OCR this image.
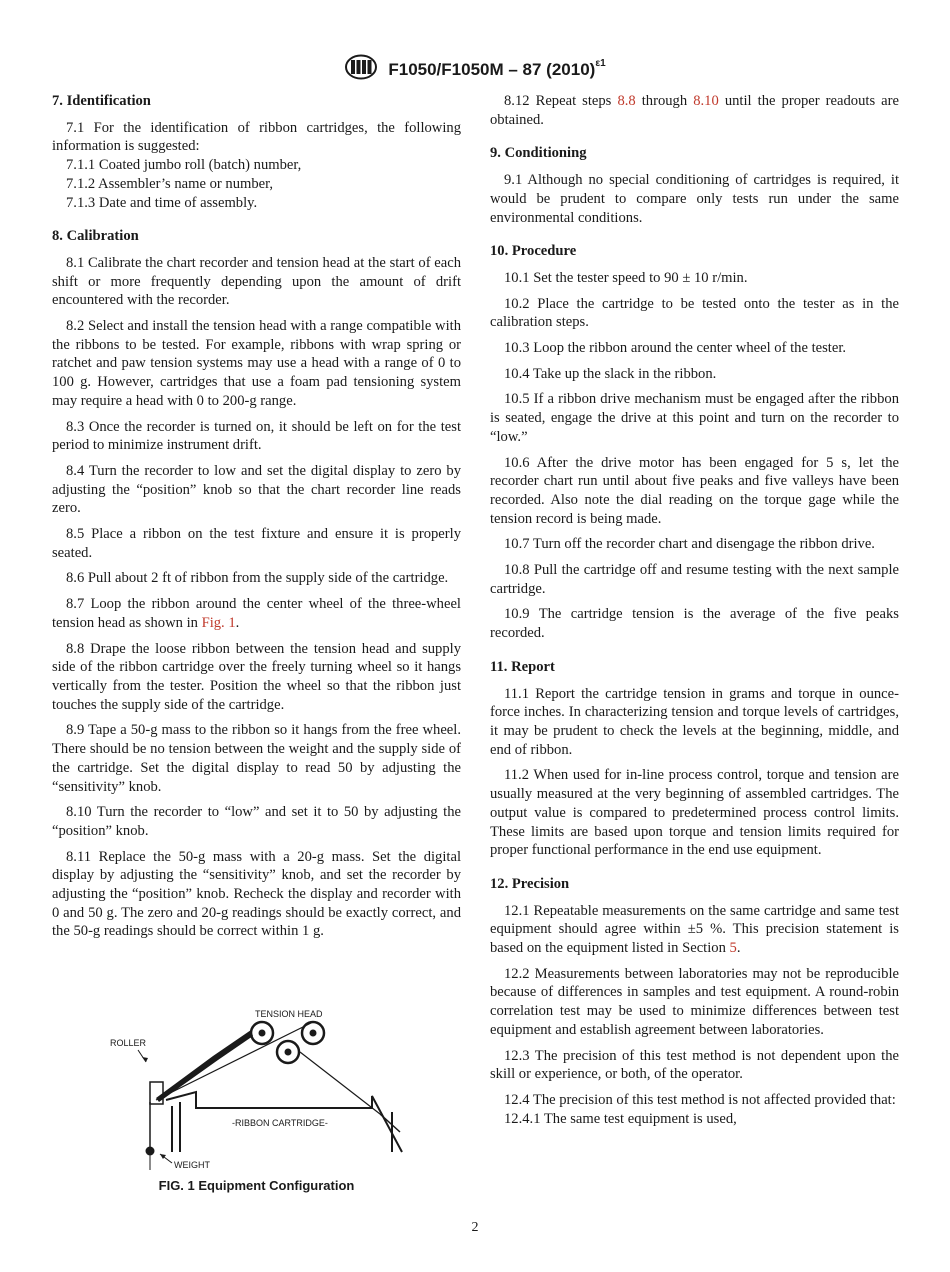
F1050/F1050M – 87 $(2010)^{\varepsilon 1}$
7. Identification

7.1 For the identification of ribbon cartridges, the following information is suggested:

7.1.1 Coated jumbo roll (batch) number,

7.1.2 Assembler’s name or number,

7.1.3 Date and time of assembly.

8. Calibration

8.1 Calibrate the chart recorder and tension head at the start of each shift or more frequently depending upon the amount of drift encountered with the recorder.

8.2 Select and install the tension head with a range compatible with the ribbons to be tested. For example, ribbons with wrap spring or ratchet and paw tension systems may use a head with a range of 0 to 100 g. However, cartridges that use a foam pad tensioning system may require a head with 0 to 200-g range.

8.3 Once the recorder is turned on, it should be left on for the test period to minimize instrument drift.

8.4 Turn the recorder to low and set the digital display to zero by adjusting the “position” knob so that the chart recorder line reads zero.

8.5 Place a ribbon on the test fixture and ensure it is properly seated.

8.6 Pull about 2 ft of ribbon from the supply side of the cartridge.

8.7 Loop the ribbon around the center wheel of the three-wheel tension head as shown in Fig. 1.

8.8 Drape the loose ribbon between the tension head and supply side of the ribbon cartridge over the freely turning wheel so it hangs vertically from the tester. Position the wheel so that the ribbon just touches the supply side of the cartridge.

8.9 Tape a 50-g mass to the ribbon so it hangs from the free wheel. There should be no tension between the weight and the supply side of the cartridge. Set the digital display to read 50 by adjusting the “sensitivity” knob.

8.10 Turn the recorder to “low” and set it to 50 by adjusting the “position” knob.

8.11 Replace the 50-g mass with a 20-g mass. Set the digital display by adjusting the “sensitivity” knob, and set the recorder by adjusting the “position” knob. Recheck the display and recorder with 0 and 50 g. The zero and 20-g readings should be exactly correct, and the 50-g readings should be correct within 1 g.

TENSION HEAD
ROLLER
-RIBBON CARTRIDGE-
WEIGHT
FIG. 1 Equipment Configuration

8.12 Repeat steps 8.8 through 8.10 until the proper readouts are obtained.

9. Conditioning

9.1 Although no special conditioning of cartridges is required, it would be prudent to compare only tests run under the same environmental conditions.

10. Procedure

10.1 Set the tester speed to 90 ± 10 r/min.

10.2 Place the cartridge to be tested onto the tester as in the calibration steps.

10.3 Loop the ribbon around the center wheel of the tester.

10.4 Take up the slack in the ribbon.

10.5 If a ribbon drive mechanism must be engaged after the ribbon is seated, engage the drive at this point and turn on the recorder to “low.”

10.6 After the drive motor has been engaged for 5 s, let the recorder chart run until about five peaks and five valleys have been recorded. Also note the dial reading on the torque gage while the tension record is being made.

10.7 Turn off the recorder chart and disengage the ribbon drive.

10.8 Pull the cartridge off and resume testing with the next sample cartridge.

10.9 The cartridge tension is the average of the five peaks recorded.

11. Report

11.1 Report the cartridge tension in grams and torque in ounce-force inches. In characterizing tension and torque levels of cartridges, it may be prudent to check the levels at the beginning, middle, and end of ribbon.

11.2 When used for in-line process control, torque and tension are usually measured at the very beginning of assembled cartridges. The output value is compared to predetermined process control limits. These limits are based upon torque and tension limits required for proper functional performance in the end use equipment.

12. Precision

12.1 Repeatable measurements on the same cartridge and same test equipment should agree within ±5 %. This precision statement is based on the equipment listed in Section 5.

12.2 Measurements between laboratories may not be reproducible because of differences in samples and test equipment. A round-robin correlation test may be used to minimize differences between test equipment and establish agreement between laboratories.

12.3 The precision of this test method is not dependent upon the skill or experience, or both, of the operator.

12.4 The precision of this test method is not affected provided that:

12.4.1 The same test equipment is used,

2
